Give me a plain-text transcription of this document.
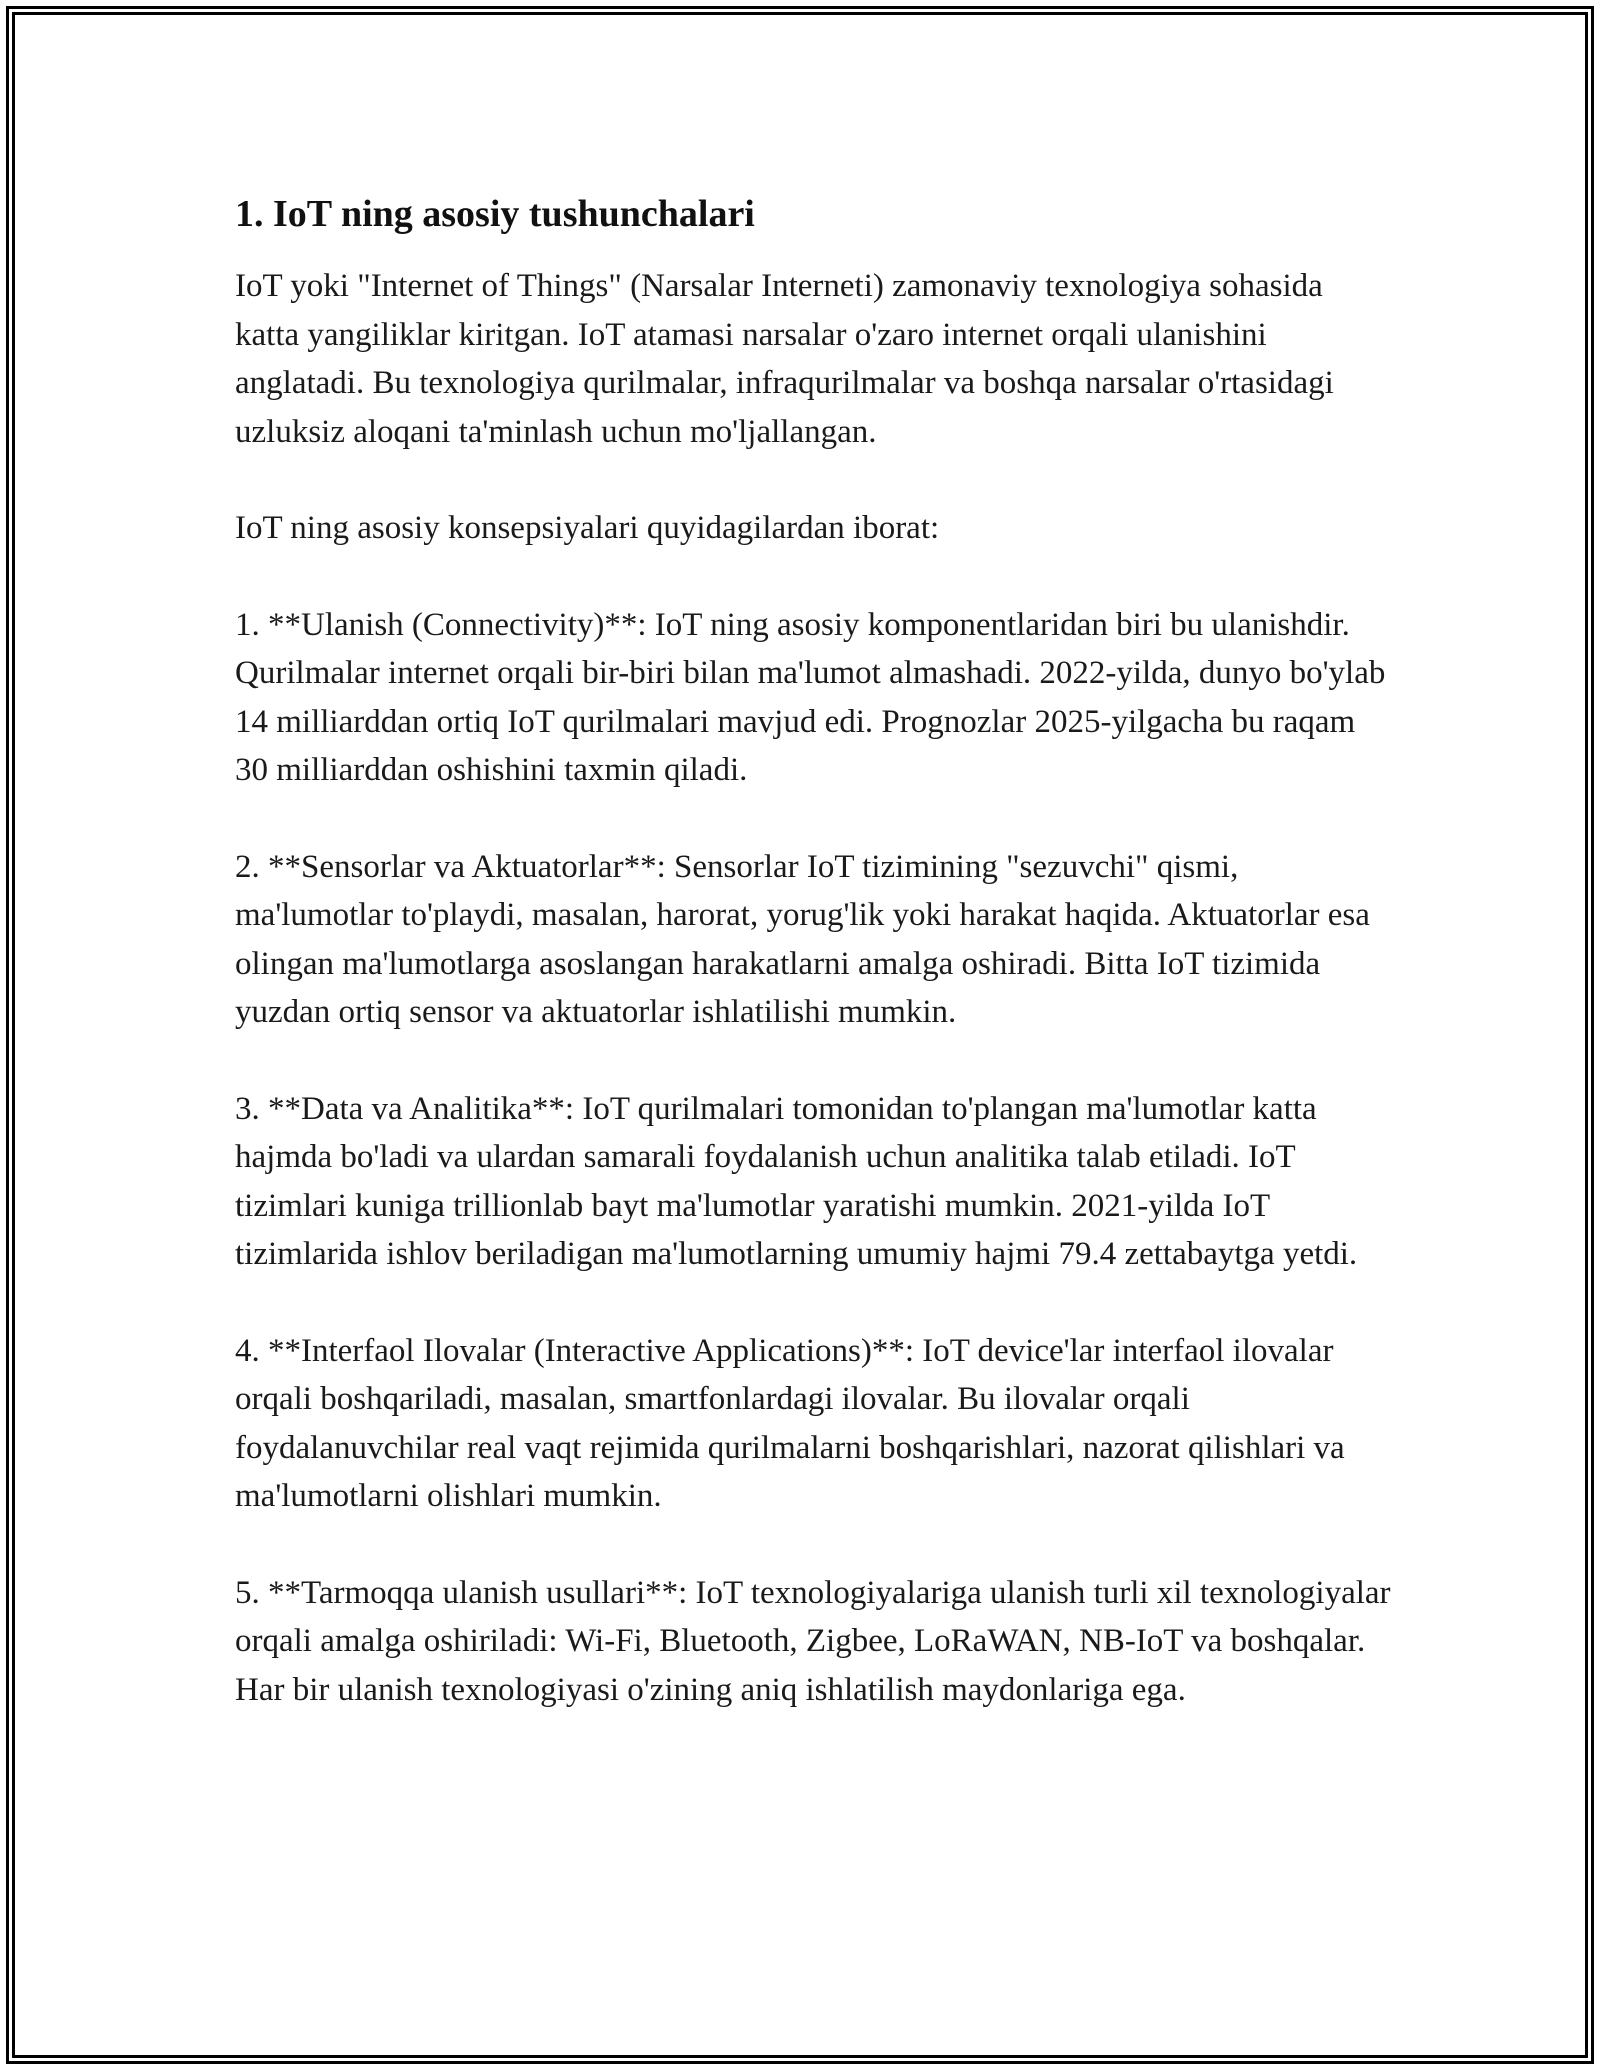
1. IoT ning asosiy tushunchalari

IoT yoki "Internet of Things" (Narsalar Interneti) zamonaviy texnologiya sohasida katta yangiliklar kiritgan. IoT atamasi narsalar o'zaro internet orqali ulanishini anglatadi. Bu texnologiya qurilmalar, infraqurilmalar va boshqa narsalar o'rtasidagi uzluksiz aloqani ta'minlash uchun mo'ljallangan.

IoT ning asosiy konsepsiyalari quyidagilardan iborat:

1. **Ulanish (Connectivity)**: IoT ning asosiy komponentlaridan biri bu ulanishdir. Qurilmalar internet orqali bir-biri bilan ma'lumot almashadi. 2022-yilda, dunyo bo'ylab 14 milliarddan ortiq IoT qurilmalari mavjud edi. Prognozlar 2025-yilgacha bu raqam 30 milliarddan oshishini taxmin qiladi.

2. **Sensorlar va Aktuatorlar**: Sensorlar IoT tizimining "sezuvchi" qismi, ma'lumotlar to'playdi, masalan, harorat, yorug'lik yoki harakat haqida. Aktuatorlar esa olingan ma'lumotlarga asoslangan harakatlarni amalga oshiradi. Bitta IoT tizimida yuzdan ortiq sensor va aktuatorlar ishlatilishi mumkin.

3. **Data va Analitika**: IoT qurilmalari tomonidan to'plangan ma'lumotlar katta hajmda bo'ladi va ulardan samarali foydalanish uchun analitika talab etiladi. IoT tizimlari kuniga trillionlab bayt ma'lumotlar yaratishi mumkin. 2021-yilda IoT tizimlarida ishlov beriladigan ma'lumotlarning umumiy hajmi 79.4 zettabaytga yetdi.

4. **Interfaol Ilovalar (Interactive Applications)**: IoT device'lar interfaol ilovalar orqali boshqariladi, masalan, smartfonlardagi ilovalar. Bu ilovalar orqali foydalanuvchilar real vaqt rejimida qurilmalarni boshqarishlari, nazorat qilishlari va ma'lumotlarni olishlari mumkin.

5. **Tarmoqqa ulanish usullari**: IoT texnologiyalariga ulanish turli xil texnologiyalar orqali amalga oshiriladi: Wi-Fi, Bluetooth, Zigbee, LoRaWAN, NB-IoT va boshqalar. Har bir ulanish texnologiyasi o'zining aniq ishlatilish maydonlariga ega.
